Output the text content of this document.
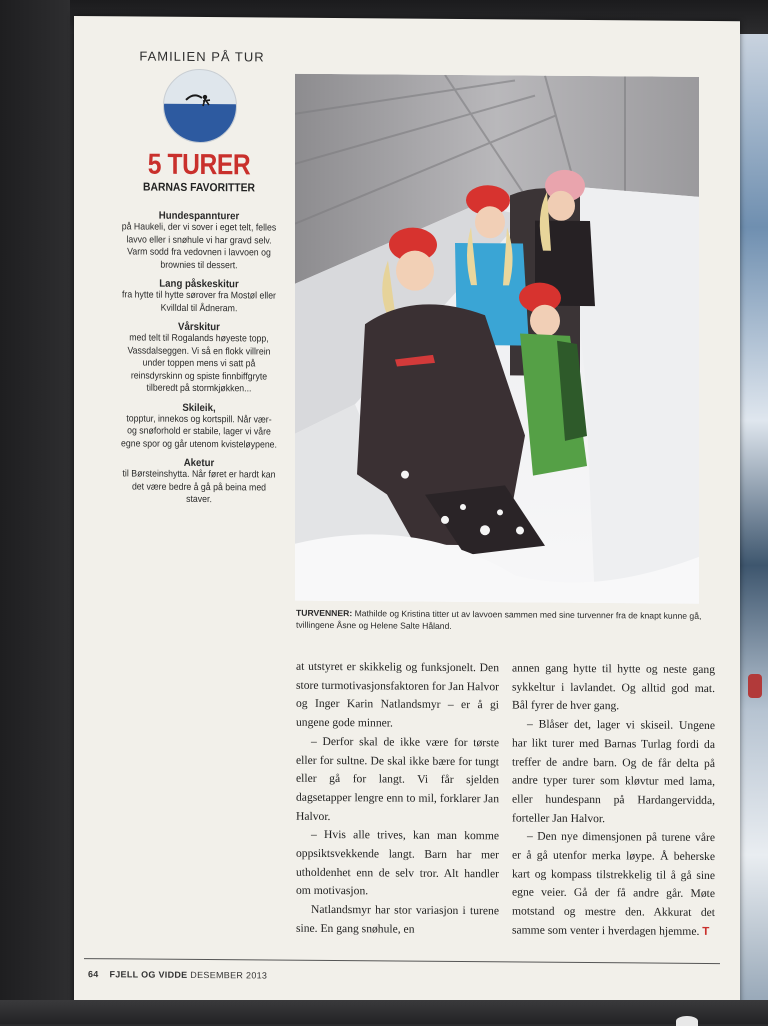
FAMILIEN PÅ TUR
5 TURER
BARNAS FAVORITTER
Hundespannturer
på Haukeli, der vi sover i eget telt, felles lavvo eller i snøhule vi har gravd selv. Varm sodd fra vedovnen i lavvoen og brownies til dessert.
Lang påskeskitur
fra hytte til hytte sørover fra Mostøl eller Kvilldal til Ådneram.
Vårskitur
med telt til Rogalands høyeste topp, Vassdalseggen. Vi så en flokk villrein under toppen mens vi satt på reinsdyrskinn og spiste finnbiffgryte tilberedt på stormkjøkken...
Skileik,
topptur, innekos og kortspill. Når vær- og snøforhold er stabile, lager vi våre egne spor og går utenom kvisteløypene.
Aketur
til Børsteinshytta. Når føret er hardt kan det være bedre å gå på beina med staver.
TURVENNER: Mathilde og Kristina titter ut av lavvoen sammen med sine turvenner fra de knapt kunne gå, tvillingene Åsne og Helene Salte Håland.

at utstyret er skikkelig og funksjonelt. Den store turmotivasjonsfaktoren for Jan Halvor og Inger Karin Natlandsmyr – er å gi ungene gode minner.

– Derfor skal de ikke være for tørste eller for sultne. De skal ikke bære for tungt eller gå for langt. Vi får sjelden dagsetapper lengre enn to mil, forklarer Jan Halvor.

– Hvis alle trives, kan man komme oppsiktsvekkende langt. Barn har mer utholdenhet enn de selv tror. Alt handler om motivasjon.

Natlandsmyr har stor variasjon i turene sine. En gang snøhule, en

annen gang hytte til hytte og neste gang sykkeltur i lavlandet. Og alltid god mat. Bål fyrer de hver gang.

– Blåser det, lager vi skiseil. Ungene har likt turer med Barnas Turlag fordi da treffer de andre barn. Og de får delta på andre typer turer som kløvtur med lama, eller hundespann på Hardangervidda, forteller Jan Halvor.

– Den nye dimensjonen på turene våre er å gå utenfor merka løype. Å beherske kart og kompass tilstrekkelig til å gå sine egne veier. Gå der få andre går. Møte motstand og mestre den. Akkurat det samme som venter i hverdagen hjemme. T

64 FJELL OG VIDDE DESEMBER 2013
